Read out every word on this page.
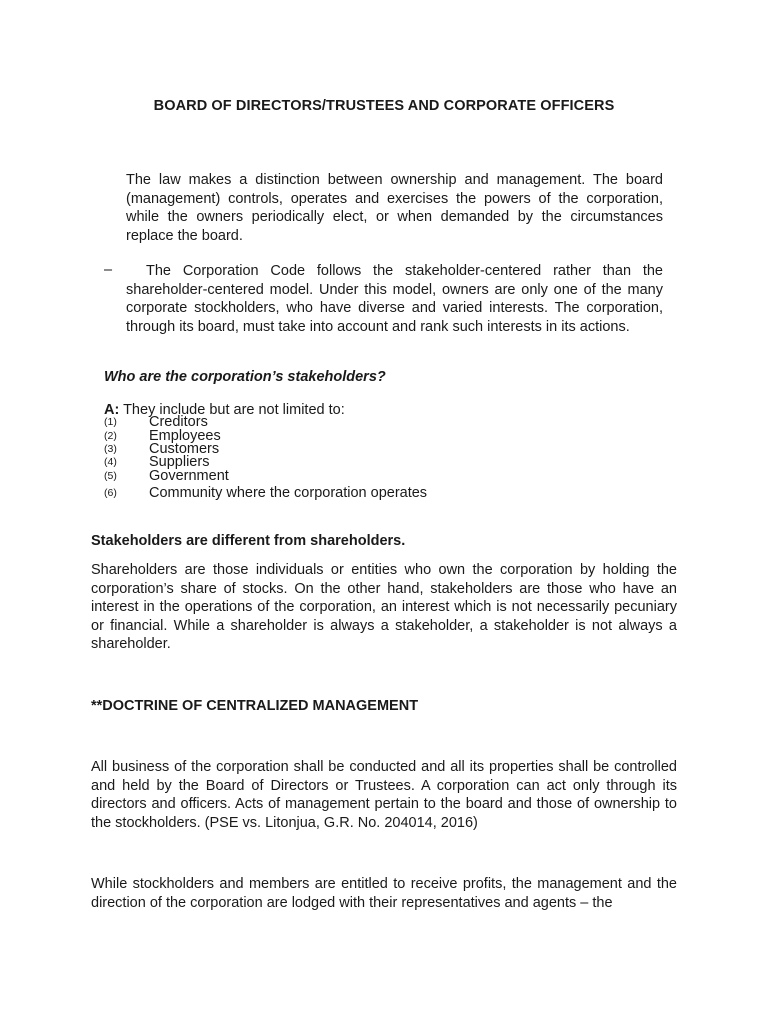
BOARD OF DIRECTORS/TRUSTEES AND CORPORATE OFFICERS
The law makes a distinction between ownership and management. The board (management) controls, operates and exercises the powers of the corporation, while the owners periodically elect, or when demanded by the circumstances replace the board.
–	The Corporation Code follows the stakeholder-centered rather than the shareholder-centered model. Under this model, owners are only one of the many corporate stockholders, who have diverse and varied interests. The corporation, through its board, must take into account and rank such interests in its actions.
Who are the corporation’s stakeholders?
A: They include but are not limited to:
(1) Creditors
(2) Employees
(3) Customers
(4) Suppliers
(5) Government
(6) Community where the corporation operates
Stakeholders are different from shareholders.
Shareholders are those individuals or entities who own the corporation by holding the corporation’s share of stocks. On the other hand, stakeholders are those who have an interest in the operations of the corporation, an interest which is not necessarily pecuniary or financial. While a shareholder is always a stakeholder, a stakeholder is not always a shareholder.
**DOCTRINE OF CENTRALIZED MANAGEMENT
All business of the corporation shall be conducted and all its properties shall be controlled and held by the Board of Directors or Trustees. A corporation can act only through its directors and officers. Acts of management pertain to the board and those of ownership to the stockholders. (PSE vs. Litonjua, G.R. No. 204014, 2016)
While stockholders and members are entitled to receive profits, the management and the direction of the corporation are lodged with their representatives and agents – the
